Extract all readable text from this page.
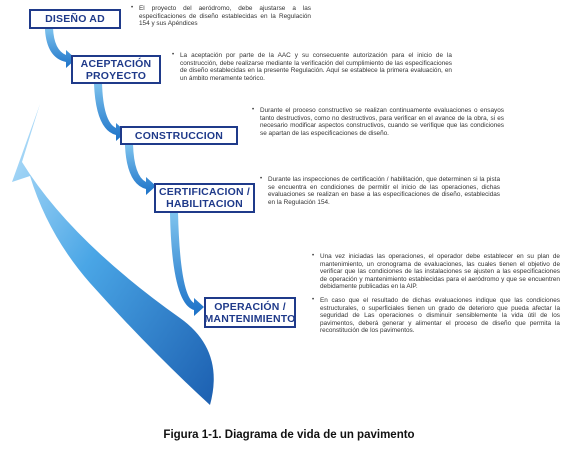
DISEÑO AD
ACEPTACIÓN
PROYECTO
CONSTRUCCION
CERTIFICACION /
HABILITACION
OPERACIÓN /
MANTENIMIENTO
• El proyecto del aeródromo, debe ajustarse a las especificaciones de diseño establecidas en la Regulación 154 y sus Apéndices
• La aceptación por parte de la AAC y su consecuente autorización para el inicio de la construcción, debe realizarse mediante la verificación del cumplimiento de las especificaciones de diseño establecidas en la presente Regulación. Aquí se establece la primera evaluación, en un ámbito meramente teórico.
• Durante el proceso constructivo se realizan continuamente evaluaciones o ensayos tanto destructivos, como no destructivos, para verificar en el avance de la obra, si es necesario modificar aspectos constructivos, cuando se verifique que las condiciones se apartan de las especificaciones de diseño.
• Durante las inspecciones de certificación / habilitación, que determinen si la pista se encuentra en condiciones de permitir el inicio de las operaciones, dichas evaluaciones se realizan en base a las especificaciones de diseño, establecidas en la Regulación 154.
• Una vez iniciadas las operaciones, el operador debe establecer en su plan de mantenimiento, un cronograma de evaluaciones, las cuales tienen el objetivo de verificar que las condiciones de las instalaciones se ajusten a las especificaciones de operación y mantenimiento establecidas para el aeródromo y que se encuentren debidamente publicadas en la AIP.
• En caso que el resultado de dichas evaluaciones indique que las condiciones estructurales, o superficiales tienen un grado de deterioro que pueda afectar la seguridad de Las operaciones o disminuir sensiblemente la vida útil de los pavimentos, deberá generar y alimentar el proceso de diseño que permita la reconstitución de los pavimentos.
Figura 1-1. Diagrama de vida de un pavimento
